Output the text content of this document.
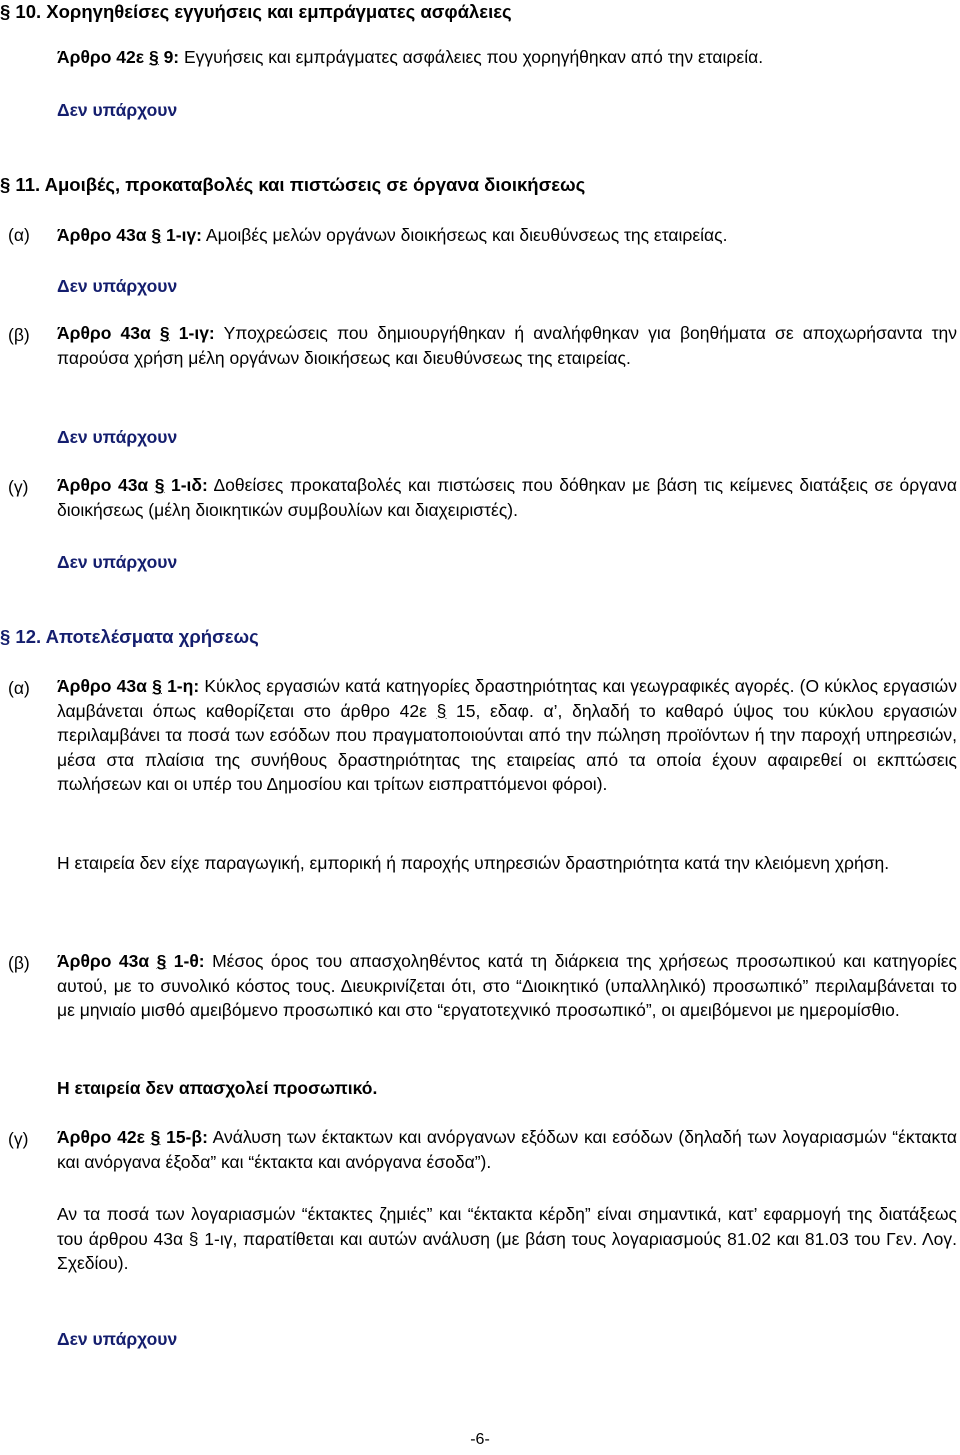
§ 10. Χορηγηθείσες εγγυήσεις και εμπράγματες ασφάλειες
Άρθρο 42ε § 9: Εγγυήσεις και εμπράγματες ασφάλειες που χορηγήθηκαν από την εταιρεία.
Δεν υπάρχουν
§ 11. Αμοιβές, προκαταβολές και πιστώσεις σε όργανα διοικήσεως
(α) Άρθρο 43α § 1-ιγ: Αμοιβές μελών οργάνων διοικήσεως και διευθύνσεως της εταιρείας.
Δεν υπάρχουν
(β) Άρθρο 43α § 1-ιγ: Υποχρεώσεις που δημιουργήθηκαν ή αναλήφθηκαν για βοηθήματα σε αποχωρήσαντα την παρούσα χρήση μέλη οργάνων διοικήσεως και διευθύνσεως της εταιρείας.
Δεν υπάρχουν
(γ) Άρθρο 43α § 1-ιδ: Δοθείσες προκαταβολές και πιστώσεις που δόθηκαν με βάση τις κείμενες διατάξεις σε όργανα διοικήσεως (μέλη διοικητικών συμβουλίων και διαχειριστές).
Δεν υπάρχουν
§ 12. Αποτελέσματα χρήσεως
(α) Άρθρο 43α § 1-η: Κύκλος εργασιών κατά κατηγορίες δραστηριότητας και γεωγραφικές αγορές. (Ο κύκλος εργασιών λαμβάνεται όπως καθορίζεται στο άρθρο 42ε § 15, εδαφ. α’, δηλαδή το καθαρό ύψος του κύκλου εργασιών περιλαμβάνει τα ποσά των εσόδων που πραγματοποιούνται από την πώληση προϊόντων ή την παροχή υπηρεσιών, μέσα στα πλαίσια της συνήθους δραστηριότητας της εταιρείας από τα οποία έχουν αφαιρεθεί οι εκπτώσεις πωλήσεων και οι υπέρ του Δημοσίου και τρίτων εισπραττόμενοι φόροι).
Η εταιρεία δεν είχε παραγωγική, εμπορική ή παροχής υπηρεσιών δραστηριότητα κατά την κλειόμενη χρήση.
(β) Άρθρο 43α § 1-θ: Μέσος όρος του απασχοληθέντος κατά τη διάρκεια της χρήσεως προσωπικού και κατηγορίες αυτού, με το συνολικό κόστος τους. Διευκρινίζεται ότι, στο “Διοικητικό (υπαλληλικό) προσωπικό” περιλαμβάνεται το με μηνιαίο μισθό αμειβόμενο προσωπικό και στο “εργατοτεχνικό προσωπικό”, οι αμειβόμενοι με ημερομίσθιο.
Η εταιρεία δεν απασχολεί προσωπικό.
(γ) Άρθρο 42ε § 15-β: Ανάλυση των έκτακτων και ανόργανων εξόδων και εσόδων (δηλαδή των λογαριασμών “έκτακτα και ανόργανα έξοδα” και “έκτακτα και ανόργανα έσοδα”).
Αν τα ποσά των λογαριασμών “έκτακτες ζημιές” και “έκτακτα κέρδη” είναι σημαντικά, κατ’ εφαρμογή της διατάξεως του άρθρου 43α § 1-ιγ, παρατίθεται και αυτών ανάλυση (με βάση τους λογαριασμούς 81.02 και 81.03 του Γεν. Λογ. Σχεδίου).
Δεν υπάρχουν
-6-
